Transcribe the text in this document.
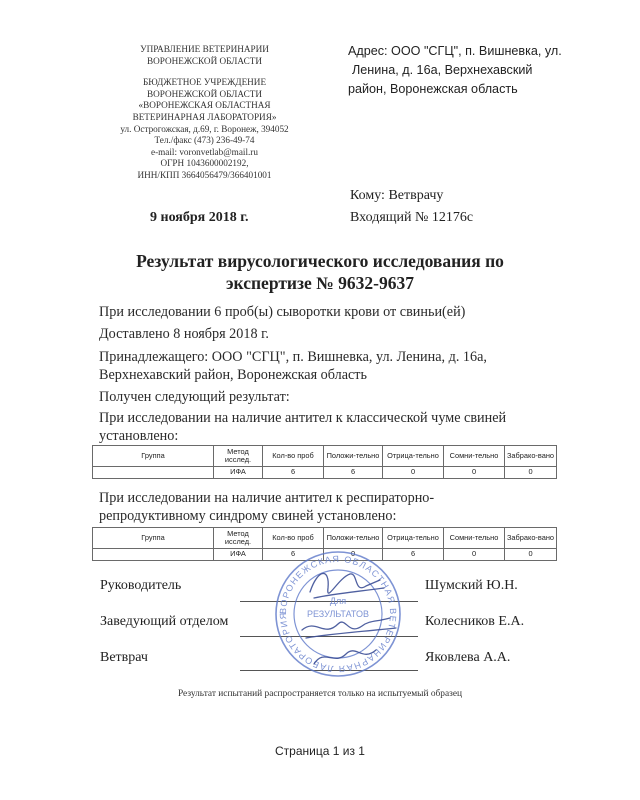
УПРАВЛЕНИЕ ВЕТЕРИНАРИИ
ВОРОНЕЖСКОЙ ОБЛАСТИ
БЮДЖЕТНОЕ УЧРЕЖДЕНИЕ
ВОРОНЕЖСКОЙ ОБЛАСТИ
«ВОРОНЕЖСКАЯ ОБЛАСТНАЯ
ВЕТЕРИНАРНАЯ ЛАБОРАТОРИЯ»
ул. Острогожская, д.69, г. Воронеж, 394052
Тел./факс (473) 236-49-74
e-mail: voronvetlab@mail.ru
ОГРН 1043600002192,
ИНН/КПП 3664056479/366401001
Адрес: ООО "СГЦ", п. Вишневка, ул.
Ленина, д. 16а, Верхнехавский
район, Воронежская область
Кому: Ветврачу
9 ноября 2018 г.	Входящий № 12176с
Результат вирусологического исследования по
экспертизе № 9632-9637
При исследовании 6 проб(ы) сыворотки крови от свиньи(ей)
Доставлено 8 ноября 2018 г.
Принадлежащего: ООО "СГЦ", п. Вишневка, ул. Ленина, д. 16а,
Верхнехавский район, Воронежская область
Получен следующий результат:
При исследовании на наличие антител к классической чуме свиней
установлено:
Группа	Метод исслед.	Кол-во проб	Положи-тельно	Отрица-тельно	Сомни-тельно	Забрако-вано
	ИФА	6	6	0	0	0
При исследовании на наличие антител к респираторно-
репродуктивному синдрому свиней установлено:
Группа	Метод исслед.	Кол-во проб	Положи-тельно	Отрица-тельно	Сомни-тельно	Забрако-вано
	ИФА	6	0	6	0	0
Руководитель	Шумский Ю.Н.
Заведующий отделом	Колесников Е.А.
Ветврач	Яковлева А.А.
ВОРОНЕЖСКАЯ ОБЛАСТНАЯ ВЕТЕРИНАРНАЯ ЛАБОРАТОРИЯ
Для
РЕЗУЛЬТАТОВ
Результат испытаний распространяется только на испытуемый образец
Страница 1 из 1
